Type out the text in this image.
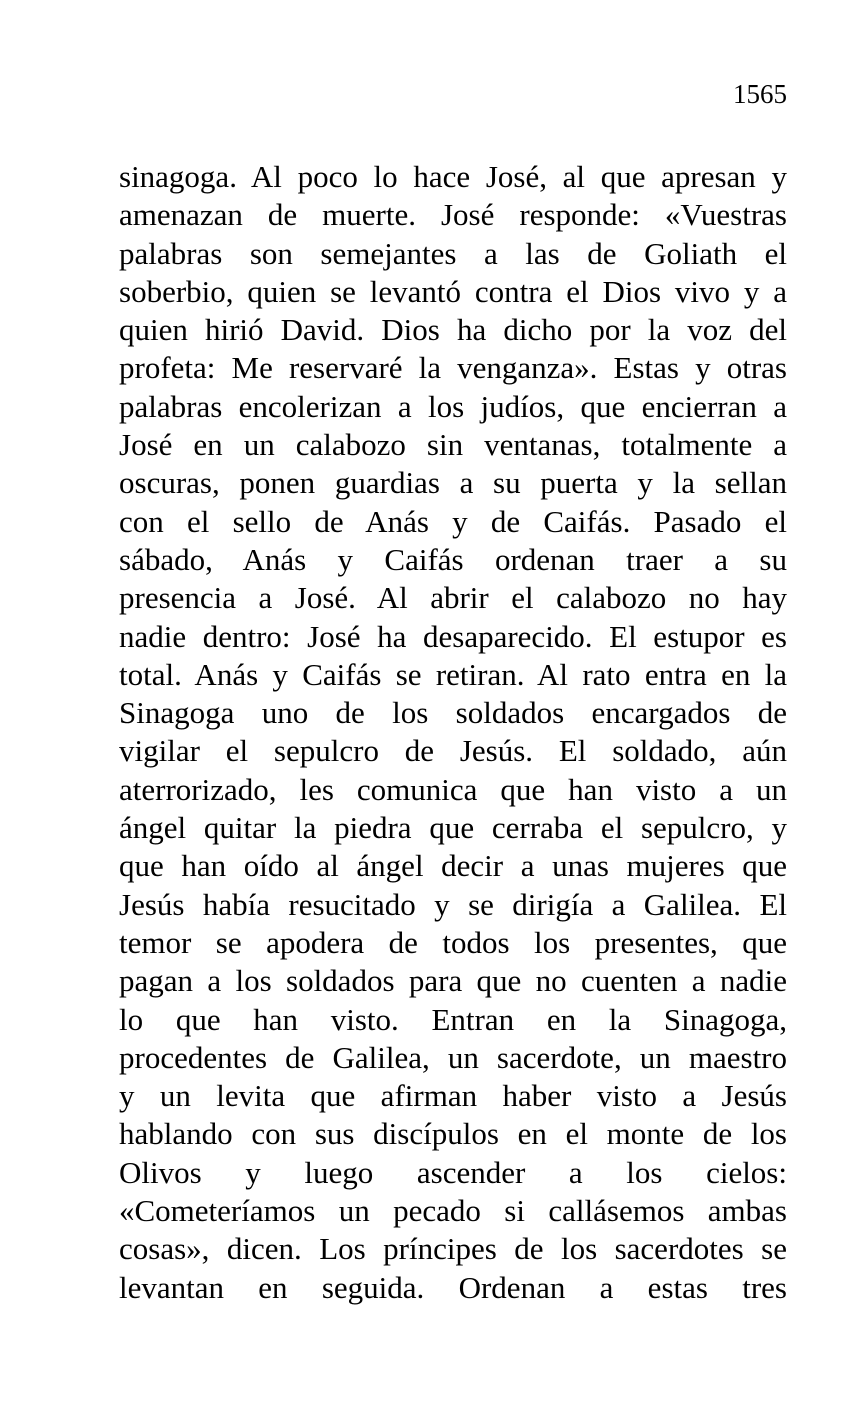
1565
sinagoga. Al poco lo hace José, al que apresan y
amenazan de muerte. José responde: «Vuestras
palabras son semejantes a las de Goliath el
soberbio, quien se levantó contra el Dios vivo y a
quien hirió David. Dios ha dicho por la voz del
profeta: Me reservaré la venganza». Estas y otras
palabras encolerizan a los judíos, que encierran a
José en un calabozo sin ventanas, totalmente a
oscuras, ponen guardias a su puerta y la sellan
con el sello de Anás y de Caifás. Pasado el
sábado, Anás y Caifás ordenan traer a su
presencia a José. Al abrir el calabozo no hay
nadie dentro: José ha desaparecido. El estupor es
total. Anás y Caifás se retiran. Al rato entra en la
Sinagoga uno de los soldados encargados de
vigilar el sepulcro de Jesús. El soldado, aún
aterrorizado, les comunica que han visto a un
ángel quitar la piedra que cerraba el sepulcro, y
que han oído al ángel decir a unas mujeres que
Jesús había resucitado y se dirigía a Galilea. El
temor se apodera de todos los presentes, que
pagan a los soldados para que no cuenten a nadie
lo que han visto. Entran en la Sinagoga,
procedentes de Galilea, un sacerdote, un maestro
y un levita que afirman haber visto a Jesús
hablando con sus discípulos en el monte de los
Olivos y luego ascender a los cielos:
«Cometeríamos un pecado si callásemos ambas
cosas», dicen. Los príncipes de los sacerdotes se
levantan en seguida. Ordenan a estas tres
